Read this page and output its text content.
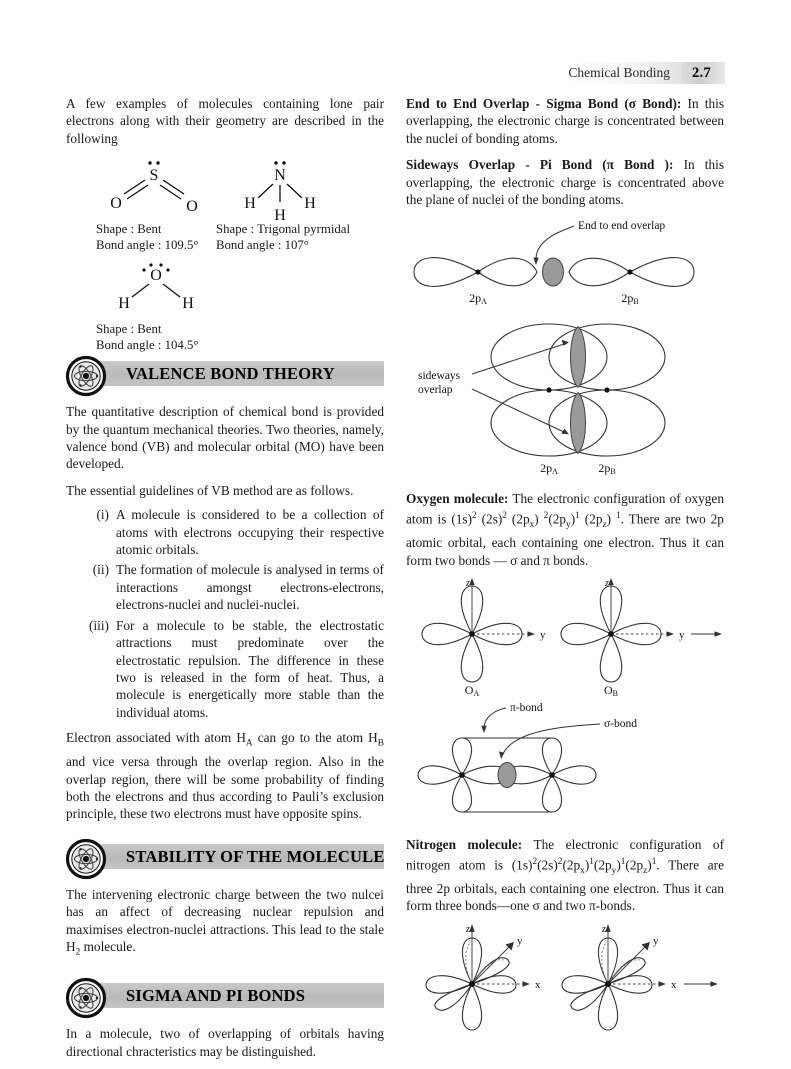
Chemical Bonding	2.7

A few examples of molecules containing lone pair electrons along with their geometry are described in the following

S
O	O
Shape : Bent
Bond angle : 109.5°
N
H	H
H
Shape : Trigonal pyrmidal
Bond angle : 107°
O
H	H
Shape : Bent
Bond angle : 104.5°
VALENCE BOND THEORY

The quantitative description of chemical bond is provided by the quantum mechanical theories. Two theories, namely, valence bond (VB) and molecular orbital (MO) have been developed.

The essential guidelines of VB method are as follows.

(i) A molecule is considered to be a collection of atoms with electrons occupying their respective atomic orbitals.
(ii) The formation of molecule is analysed in terms of interactions amongst electrons-electrons, electrons-nuclei and nuclei-nuclei.
(iii) For a molecule to be stable, the electrostatic attractions must predominate over the electrostatic repulsion. The difference in these two is released in the form of heat. Thus, a molecule is energetically more stable than the individual atoms.

Electron associated with atom $H_A$ can go to the atom $H_B$ and vice versa through the overlap region. Also in the overlap region, there will be some probability of finding both the electrons and thus according to Pauli’s exclusion principle, these two electrons must have opposite spins.

STABILITY OF THE MOLECULE

The intervening electronic charge between the two nulcei has an affect of decreasing nuclear repulsion and maximises electron-nuclei attractions. This lead to the stale $H_2$ molecule.

SIGMA AND PI BONDS

In a molecule, two of overlapping of orbitals having directional chracteristics may be distinguished.

End to End Overlap - Sigma Bond (σ Bond): In this overlapping, the electronic charge is concentrated between the nuclei of bonding atoms.

Sideways Overlap - Pi Bond (π Bond ): In this overlapping, the electronic charge is concentrated above the plane of nuclei of the bonding atoms.

End to end overlap
2pA	2pB
sideways
overlap
2pA	2pB

Oxygen molecule: The electronic configuration of oxygen atom is $(1s)^2$ $(2s)^2$ $(2p_x)$ $^2(2p_y)^1$ $(2p_z)$ $^1$. There are two 2p atomic orbital, each containing one electron. Thus it can form two bonds — σ and π bonds.

z
y
OA
z
y
OB
π-bond
σ-bond

Nitrogen molecule: The electronic configuration of nitrogen atom is $(1s)^2(2s)^2(2p_x)^1(2p_y)^1(2p_z)^1$. There are three 2p orbitals, each containing one electron. Thus it can form three bonds—one σ and two π-bonds.

z
x
y
z
x
y
